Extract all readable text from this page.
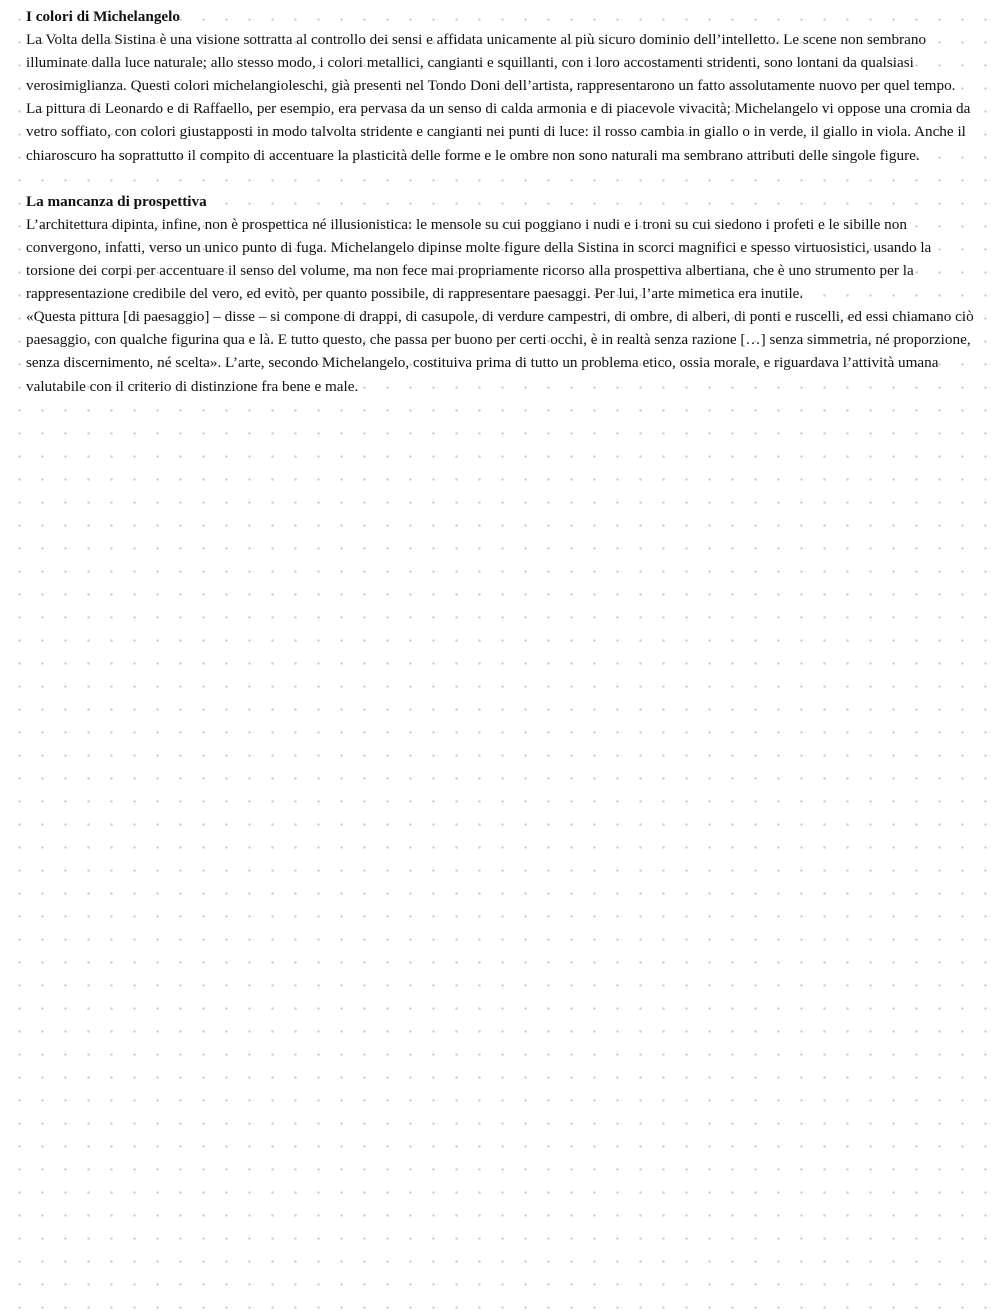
I colori di Michelangelo

La Volta della Sistina è una visione sottratta al controllo dei sensi e affidata unicamente al più sicuro dominio dell’intelletto. Le scene non sembrano illuminate dalla luce naturale; allo stesso modo, i colori metallici, cangianti e squillanti, con i loro accostamenti stridenti, sono lontani da qualsiasi verosimiglianza. Questi colori michelangioleschi, già presenti nel Tondo Doni dell’artista, rappresentarono un fatto assolutamente nuovo per quel tempo.

La pittura di Leonardo e di Raffaello, per esempio, era pervasa da un senso di calda armonia e di piacevole vivacità; Michelangelo vi oppose una cromia da vetro soffiato, con colori giustapposti in modo talvolta stridente e cangianti nei punti di luce: il rosso cambia in giallo o in verde, il giallo in viola. Anche il chiaroscuro ha soprattutto il compito di accentuare la plasticità delle forme e le ombre non sono naturali ma sembrano attributi delle singole figure.

La mancanza di prospettiva

L’architettura dipinta, infine, non è prospettica né illusionistica: le mensole su cui poggiano i nudi e i troni su cui siedono i profeti e le sibille non convergono, infatti, verso un unico punto di fuga. Michelangelo dipinse molte figure della Sistina in scorci magnifici e spesso virtuosistici, usando la torsione dei corpi per accentuare il senso del volume, ma non fece mai propriamente ricorso alla prospettiva albertiana, che è uno strumento per la rappresentazione credibile del vero, ed evitò, per quanto possibile, di rappresentare paesaggi. Per lui, l’arte mimetica era inutile.

«Questa pittura [di paesaggio] – disse – si compone di drappi, di casupole, di verdure campestri, di ombre, di alberi, di ponti e ruscelli, ed essi chiamano ciò paesaggio, con qualche figurina qua e là. E tutto questo, che passa per buono per certi occhi, è in realtà senza razione […] senza simmetria, né proporzione, senza discernimento, né scelta». L’arte, secondo Michelangelo, costituiva prima di tutto un problema etico, ossia morale, e riguardava l’attività umana valutabile con il criterio di distinzione fra bene e male.
